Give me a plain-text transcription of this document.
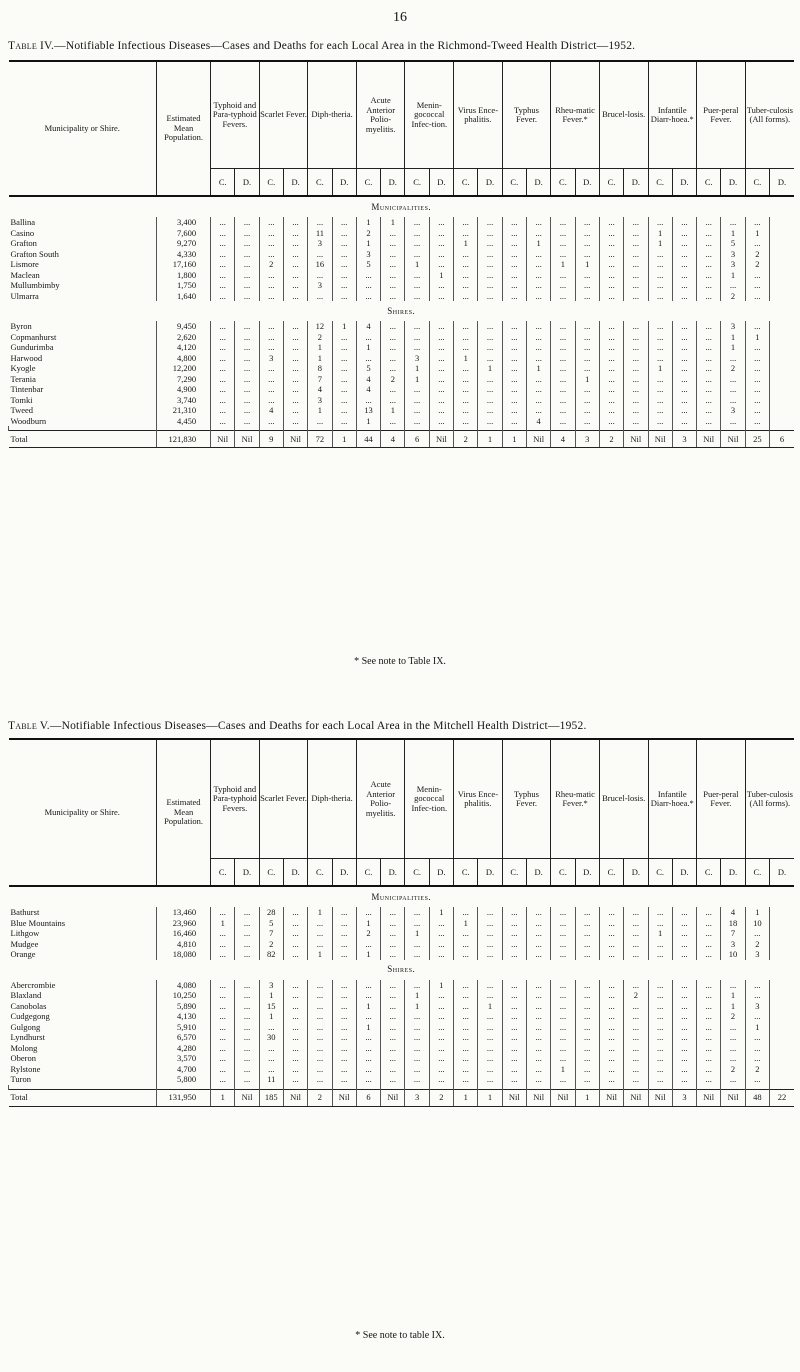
16
Table IV.—Notifiable Infectious Diseases—Cases and Deaths for each Local Area in the Richmond-Tweed Health District—1952.
Municipality or Shire.	Estimated Mean Population.	Typhoid and Para-typhoid Fevers.		Scarlet Fever.		Diph-theria.		Acute Anterior Polio-myelitis.		Menin-gococcal Infec-tion.		Virus Ence-phalitis.		Typhus Fever.		Rheu-matic Fever.*		Brucel-losis.		Infantile Diarr-hoea.*		Puer-peral Fever.		Tuber-culosis (All forms).	
		C.	D.	C.	D.	C.	D.	C.	D.	C.	D.	C.	D.	C.	D.	C.	D.	C.	D.	C.	D.	C.	D.	C.	D.
Municipalities.																									
Ballina	3,400	...	...	...	...	...	...	1	1	...	...	...	...	...	...	...	...	...	...	...	...	...	...	...	
Casino	7,600	...	...	...	...	11	...	2	...	...	...	...	...	...	...	...	...	...	...	1	...	...	1	1	
Grafton	9,270	...	...	...	...	3	...	1	...	...	...	1	...	...	1	...	...	...	...	1	...	...	5	...	
Grafton South	4,330	...	...	...	...	...	...	3	...	...	...	...	...	...	...	...	...	...	...	...	...	...	3	2	
Lismore	17,160	...	...	2	...	16	...	5	...	1	...	...	...	...	...	1	1	...	...	...	...	...	3	2	
Maclean	1,800	...	...	...	...	...	...	...	...	...	1	...	...	...	...	...	...	...	...	...	...	...	1	...	
Mullumbimby	1,750	...	...	...	...	3	...	...	...	...	...	...	...	...	...	...	...	...	...	...	...	...	...	...	
Ulmarra	1,640	...	...	...	...	...	...	...	...	...	...	...	...	...	...	...	...	...	...	...	...	...	2	...	
Shires.																									
Byron	9,450	...	...	...	...	12	1	4	...	...	...	...	...	...	...	...	...	...	...	...	...	...	3	...	
Copmanhurst	2,620	...	...	...	...	2	...	...	...	...	...	...	...	...	...	...	...	...	...	...	...	...	1	1	
Gundurimba	4,120	...	...	...	...	1	...	1	...	...	...	...	...	...	...	...	...	...	...	...	...	...	1	...	
Harwood	4,800	...	...	3	...	1	...	...	...	3	...	1	...	...	...	...	...	...	...	...	...	...	...	...	
Kyogle	12,200	...	...	...	...	8	...	5	...	1	...	...	1	...	1	...	...	...	...	1	...	...	2	...	
Terania	7,290	...	...	...	...	7	...	4	2	1	...	...	...	...	...	...	1	...	...	...	...	...	...	...	
Tintenbar	4,900	...	...	...	...	4	...	4	...	...	...	...	...	...	...	...	...	...	...	...	...	...	...	...	
Tomki	3,740	...	...	...	...	3	...	...	...	...	...	...	...	...	...	...	...	...	...	...	...	...	...	...	
Tweed	21,310	...	...	4	...	1	...	13	1	...	...	...	...	...	...	...	...	...	...	...	...	...	3	...	
Woodburn	4,450	...	...	...	...	...	...	1	...	...	...	...	...	...	4	...	...	...	...	...	...	...	...	...	

Total	121,830	Nil	Nil	9	Nil	72	1	44	4	6	Nil	2	1	1	Nil	4	3	2	Nil	Nil	3	Nil	Nil	25	6
* See note to Table IX.
Table V.—Notifiable Infectious Diseases—Cases and Deaths for each Local Area in the Mitchell Health District—1952.
Municipality or Shire.	Estimated Mean Population.	Typhoid and Para-typhoid Fevers.		Scarlet Fever.		Diph-theria.		Acute Anterior Polio-myelitis.		Menin-gococcal Infec-tion.		Virus Ence-phalitis.		Typhus Fever.		Rheu-matic Fever.*		Brucel-losis.		Infantile Diarr-hoea.*		Puer-peral Fever.		Tuber-culosis (All forms).	
		C.	D.	C.	D.	C.	D.	C.	D.	C.	D.	C.	D.	C.	D.	C.	D.	C.	D.	C.	D.	C.	D.	C.	D.
Municipalities.																									
Bathurst	13,460	...	...	28	...	1	...	...	...	...	1	...	...	...	...	...	...	...	...	...	...	...	4	1	
Blue Mountains	23,960	1	...	5	...	...	...	1	...	...	...	1	...	...	...	...	...	...	...	...	...	...	18	10	
Lithgow	16,460	...	...	7	...	...	...	2	...	1	...	...	...	...	...	...	...	...	...	1	...	...	7	...	
Mudgee	4,810	...	...	2	...	...	...	...	...	...	...	...	...	...	...	...	...	...	...	...	...	...	3	2	
Orange	18,080	...	...	82	...	1	...	1	...	...	...	...	...	...	...	...	...	...	...	...	...	...	10	3	
Shires.																									
Abercrombie	4,080	...	...	3	...	...	...	...	...	...	1	...	...	...	...	...	...	...	...	...	...	...	...	...	
Blaxland	10,250	...	...	1	...	...	...	...	...	1	...	...	...	...	...	...	...	...	2	...	...	...	1	...	
Canobolas	5,890	...	...	15	...	...	...	1	...	1	...	...	1	...	...	...	...	...	...	...	...	...	1	3	
Cudgegong	4,130	...	...	1	...	...	...	...	...	...	...	...	...	...	...	...	...	...	...	...	...	...	2	...	
Gulgong	5,910	...	...	...	...	...	...	1	...	...	...	...	...	...	...	...	...	...	...	...	...	...	...	1	
Lyndhurst	6,570	...	...	30	...	...	...	...	...	...	...	...	...	...	...	...	...	...	...	...	...	...	...	...	
Molong	4,280	...	...	...	...	...	...	...	...	...	...	...	...	...	...	...	...	...	...	...	...	...	...	...	
Oberon	3,570	...	...	...	...	...	...	...	...	...	...	...	...	...	...	...	...	...	...	...	...	...	...	...	
Rylstone	4,700	...	...	...	...	...	...	...	...	...	...	...	...	...	...	1	...	...	...	...	...	...	2	2	
Turon	5,800	...	...	11	...	...	...	...	...	...	...	...	...	...	...	...	...	...	...	...	...	...	...	...	

Total	131,950	1	Nil	185	Nil	2	Nil	6	Nil	3	2	1	1	Nil	Nil	Nil	1	Nil	Nil	Nil	3	Nil	Nil	48	22
* See note to table IX.
